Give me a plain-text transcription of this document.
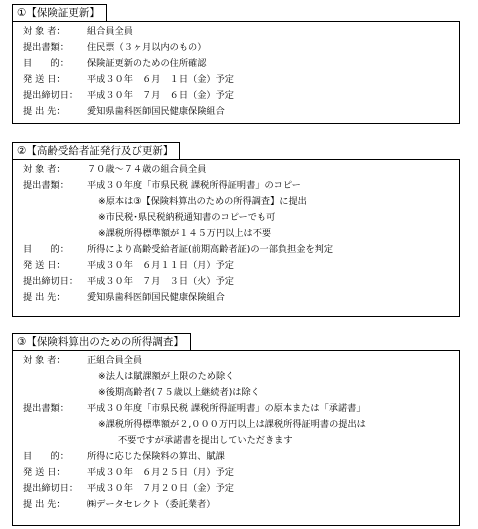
①【保険証更新】
対 象 者： 組合員全員
提出書類： 住民票（３ヶ月以内のもの）
目　　的： 保険証更新のための住所確認
発 送 日： 平成３０年　６月　１日（金）予定
提出締切日： 平成３０年　７月　６日（金）予定
提 出 先： 愛知県歯科医師国民健康保険組合
②【高齢受給者証発行及び更新】
対 象 者： ７０歳～７４歳の組合員全員
提出書類： 平成３０年度「市県民税 課税所得証明書」のコピー
※原本は③【保険料算出のための所得調査】に提出
※市民税･県民税納税通知書のコピーでも可
※課税所得標準額が１４５万円以上は不要
目　　的： 所得により高齢受給者証(前期高齢者証)の一部負担金を判定
発 送 日： 平成３０年　６月１１日（月）予定
提出締切日： 平成３０年　７月　３日（火）予定
提 出 先： 愛知県歯科医師国民健康保険組合
③【保険料算出のための所得調査】
対 象 者： 正組合員全員
※法人は賦課額が上限のため除く
※後期高齢者(７５歳以上継続者)は除く
提出書類： 平成３０年度「市県民税 課税所得証明書」の原本または「承諾書」
※課税所得標準額が２,０００万円以上は課税所得証明書の提出は
不要ですが承諾書を提出していただきます
目　　的： 所得に応じた保険料の算出、賦課
発 送 日： 平成３０年　６月２５日（月）予定
提出締切日： 平成３０年　７月２０日（金）予定
提 出 先： ㈱データセレクト（委託業者）
